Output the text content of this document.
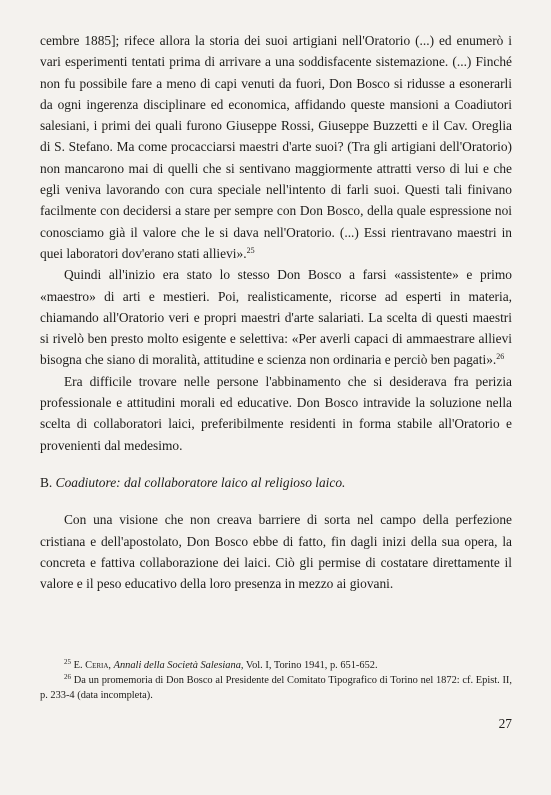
cembre 1885]; rifece allora la storia dei suoi artigiani nell'Oratorio (...) ed enumerò i vari esperimenti tentati prima di arrivare a una soddisfacente sistemazione. (...) Finché non fu possibile fare a meno di capi venuti da fuori, Don Bosco si ridusse a esonerarli da ogni ingerenza disciplinare ed economica, affidando queste mansioni a Coadiutori salesiani, i primi dei quali furono Giuseppe Rossi, Giuseppe Buzzetti e il Cav. Oreglia di S. Stefano. Ma come procacciarsi maestri d'arte suoi? (Tra gli artigiani dell'Oratorio) non mancarono mai di quelli che si sentivano maggiormente attratti verso di lui e che egli veniva lavorando con cura speciale nell'intento di farli suoi. Questi tali finivano facilmente con decidersi a stare per sempre con Don Bosco, della quale espressione noi conosciamo già il valore che le si dava nell'Oratorio. (...) Essi rientravano maestri in quei laboratori dov'erano stati allievi».$^{25}$

Quindi all'inizio era stato lo stesso Don Bosco a farsi «assistente» e primo «maestro» di arti e mestieri. Poi, realisticamente, ricorse ad esperti in materia, chiamando all'Oratorio veri e propri maestri d'arte salariati. La scelta di questi maestri si rivelò ben presto molto esigente e selettiva: «Per averli capaci di ammaestrare allievi bisogna che siano di moralità, attitudine e scienza non ordinaria e perciò ben pagati».$^{26}$

Era difficile trovare nelle persone l'abbinamento che si desiderava fra perizia professionale e attitudini morali ed educative. Don Bosco intravide la soluzione nella scelta di collaboratori laici, preferibilmente residenti in forma stabile all'Oratorio e provenienti dal medesimo.

B. Coadiutore: dal collaboratore laico al religioso laico.

Con una visione che non creava barriere di sorta nel campo della perfezione cristiana e dell'apostolato, Don Bosco ebbe di fatto, fin dagli inizi della sua opera, la concreta e fattiva collaborazione dei laici. Ciò gli permise di costatare direttamente il valore e il peso educativo della loro presenza in mezzo ai giovani.

$^{25}$ E. Ceria, Annali della Società Salesiana, Vol. I, Torino 1941, p. 651-652.

$^{26}$ Da un promemoria di Don Bosco al Presidente del Comitato Tipografico di Torino nel 1872: cf. Epist. II, p. 233-4 (data incompleta).

27
